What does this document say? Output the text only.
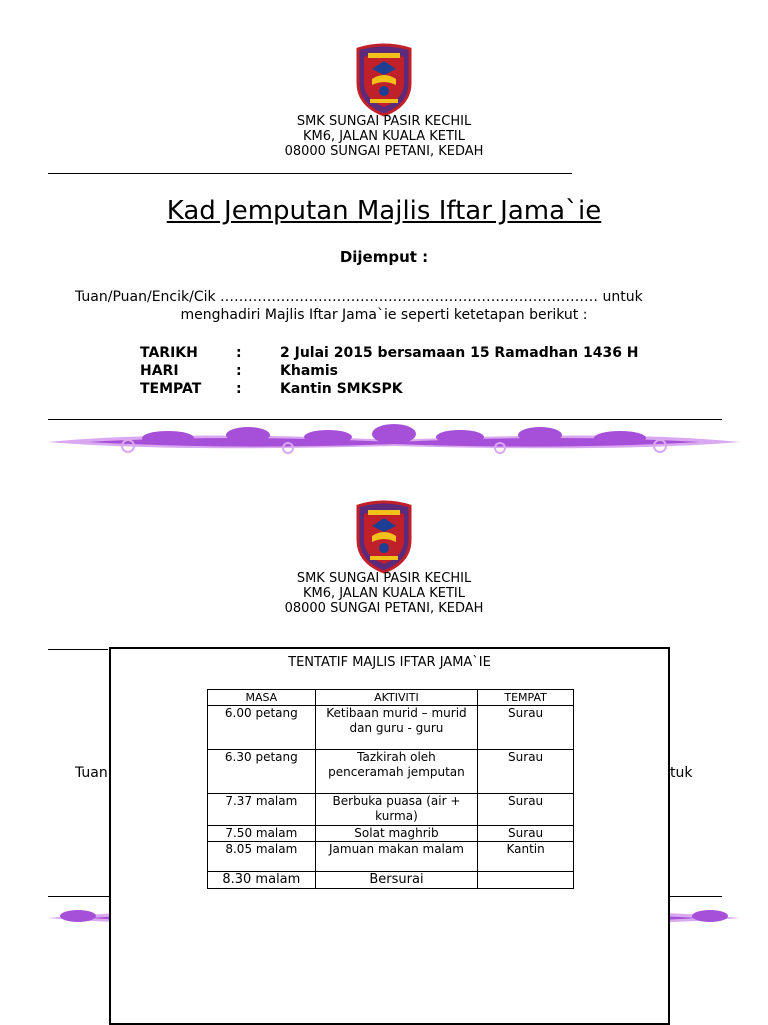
SMK SUNGAI PASIR KECHIL
KM6, JALAN KUALA KETIL
08000 SUNGAI PETANI, KEDAH
Kad Jemputan Majlis Iftar Jama`ie
Dijemput :
Tuan/Puan/Encik/Cik ……………………………………………………………………… untuk
menghadiri Majlis Iftar Jama`ie seperti ketetapan berikut :
TARIKH	:	2 Julai 2015 bersamaan 15 Ramadhan 1436 H
HARI	:	Khamis
TEMPAT :	Kantin SMKSPK
SMK SUNGAI PASIR KECHIL
KM6, JALAN KUALA KETIL
08000 SUNGAI PETANI, KEDAH
Tuan	tuk
TENTATIF MAJLIS IFTAR JAMA`IE
MASA	AKTIVITI	TEMPAT
6.00 petang	Ketibaan murid – murid dan guru - guru	Surau
6.30 petang	Tazkirah oleh penceramah jemputan	Surau
7.37 malam	Berbuka puasa (air + kurma)	Surau
7.50 malam	Solat maghrib	Surau
8.05 malam	Jamuan makan malam	Kantin
8.30 malam	Bersurai	
